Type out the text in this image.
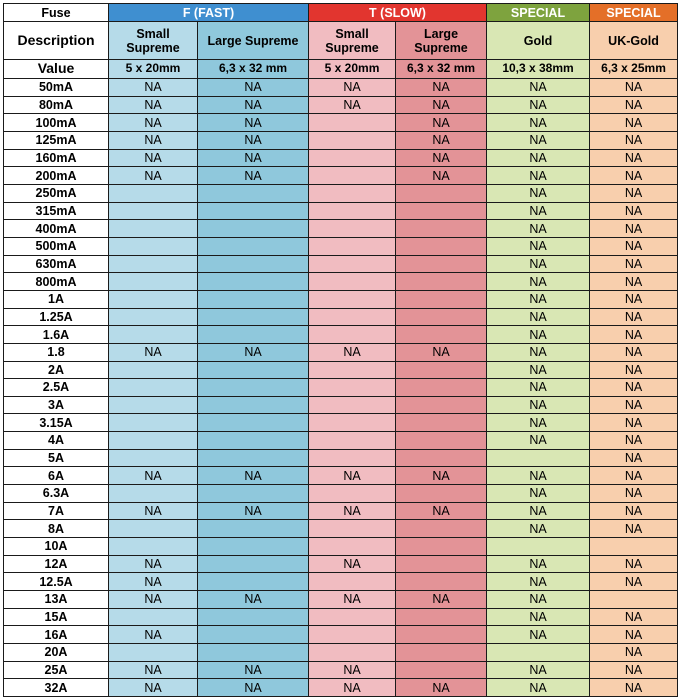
Fuse	F (FAST)		T (SLOW)		SPECIAL	SPECIAL
Description	Small Supreme	Large Supreme	Small Supreme	Large Supreme	Gold	UK-Gold
Value	5 x 20mm	6,3 x 32 mm	5 x 20mm	6,3 x 32 mm	10,3 x 38mm	6,3 x 25mm
50mA	NA	NA	NA	NA	NA	NA
80mA	NA	NA	NA	NA	NA	NA
100mA	NA	NA		NA	NA	NA
125mA	NA	NA		NA	NA	NA
160mA	NA	NA		NA	NA	NA
200mA	NA	NA		NA	NA	NA
250mA					NA	NA
315mA					NA	NA
400mA					NA	NA
500mA					NA	NA
630mA					NA	NA
800mA					NA	NA
1A					NA	NA
1.25A					NA	NA
1.6A					NA	NA
1.8	NA	NA	NA	NA	NA	NA
2A					NA	NA
2.5A					NA	NA
3A					NA	NA
3.15A					NA	NA
4A					NA	NA
5A						NA
6A	NA	NA	NA	NA	NA	NA
6.3A					NA	NA
7A	NA	NA	NA	NA	NA	NA
8A					NA	NA
10A						
12A	NA		NA		NA	NA
12.5A	NA				NA	NA
13A	NA	NA	NA	NA	NA	
15A					NA	NA
16A	NA				NA	NA
20A						NA
25A	NA	NA	NA		NA	NA
32A	NA	NA	NA	NA	NA	NA
